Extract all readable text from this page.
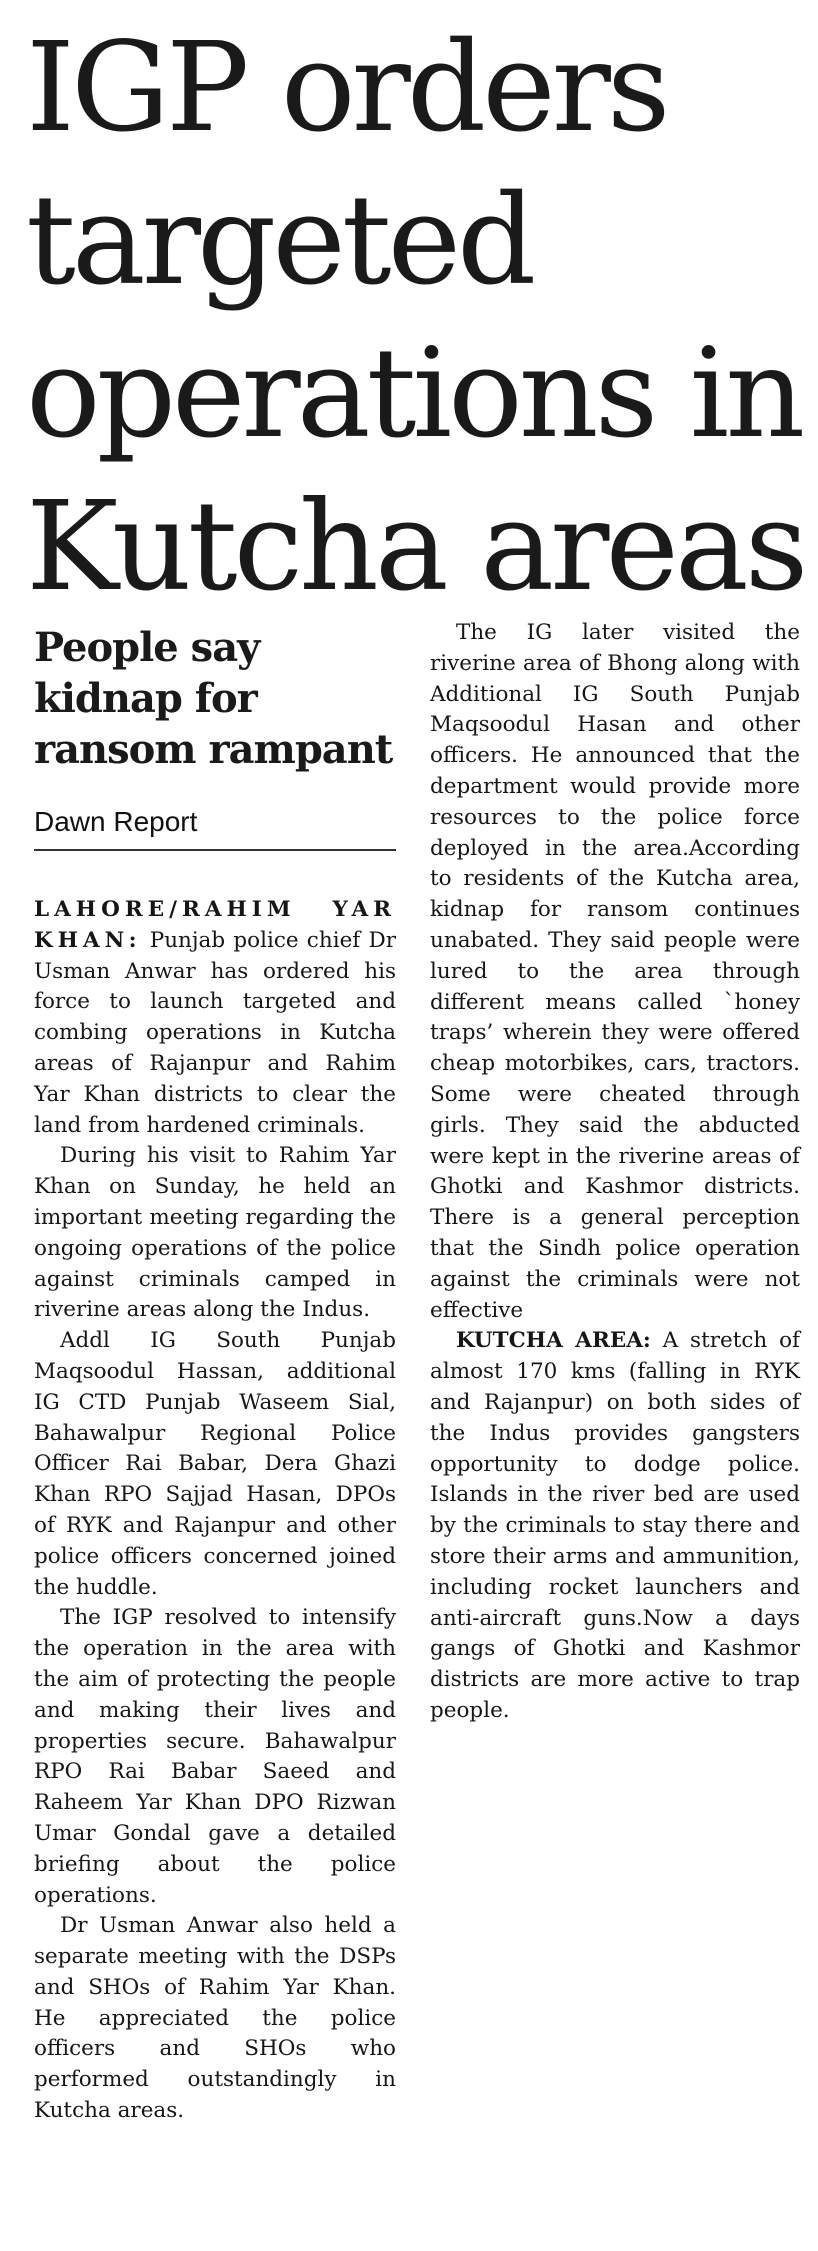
IGP orders
targeted
operations in
Kutcha areas
People say
kidnap for
ransom rampant
Dawn Report

LAHORE/RAHIM YAR KHAN: Punjab police chief Dr Usman Anwar has ordered his force to launch targeted and combing operations in Kutcha areas of Rajanpur and Rahim Yar Khan districts to clear the land from hardened criminals.

During his visit to Rahim Yar Khan on Sunday, he held an important meeting regarding the ongoing operations of the police against criminals camped in riverine areas along the Indus.

Addl IG South Punjab Maqsoodul Hassan, additional IG CTD Punjab Waseem Sial, Bahawalpur Regional Police Officer Rai Babar, Dera Ghazi Khan RPO Sajjad Hasan, DPOs of RYK and Rajanpur and other police officers concerned joined the huddle.

The IGP resolved to intensify the operation in the area with the aim of protecting the people and making their lives and properties secure. Bahawalpur RPO Rai Babar Saeed and Raheem Yar Khan DPO Rizwan Umar Gondal gave a detailed briefing about the police operations.

Dr Usman Anwar also held a separate meeting with the DSPs and SHOs of Rahim Yar Khan. He appreciated the police officers and SHOs who performed outstandingly in Kutcha areas.

The IG later visited the riverine area of Bhong along with Additional IG South Punjab Maqsoodul Hasan and other officers. He announced that the department would provide more resources to the police force deployed in the area.According to residents of the Kutcha area, kidnap for ransom continues unabated. They said people were lured to the area through different means called `honey traps’ wherein they were offered cheap motorbikes, cars, tractors. Some were cheated through girls. They said the abducted were kept in the riverine areas of Ghotki and Kashmor districts. There is a general perception that the Sindh police operation against the criminals were not effective

KUTCHA AREA: A stretch of almost 170 kms (falling in RYK and Rajanpur) on both sides of the Indus provides gangsters opportunity to dodge police. Islands in the river bed are used by the criminals to stay there and store their arms and ammunition, including rocket launchers and anti-aircraft guns.Now a days gangs of Ghotki and Kashmor districts are more active to trap people.
